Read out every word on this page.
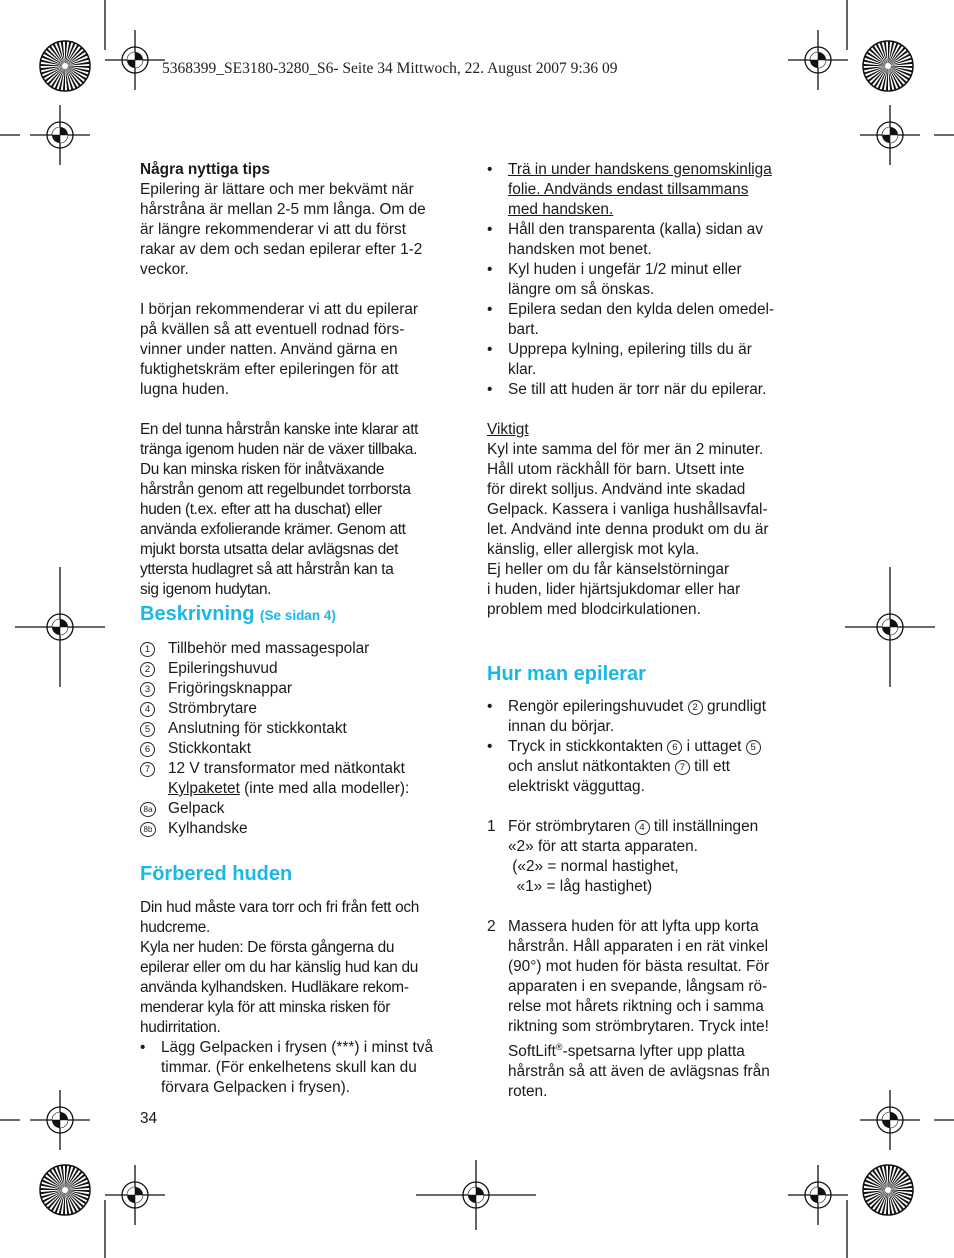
5368399_SE3180-3280_S6- Seite 34 Mittwoch, 22. August 2007 9:36 09

Några nyttiga tips

Epilering är lättare och mer bekvämt när

hårstråna är mellan 2-5 mm långa. Om de

är längre rekommenderar vi att du först

rakar av dem och sedan epilerar efter 1-2

veckor.

I början rekommenderar vi att du epilerar

på kvällen så att eventuell rodnad förs-

vinner under natten. Använd gärna en

fuktighetskräm efter epileringen för att

lugna huden.

En del tunna hårstrån kanske inte klarar att

tränga igenom huden när de växer tillbaka.

Du kan minska risken för inåtväxande

hårstrån genom att regelbundet torrborsta

huden (t.ex. efter att ha duschat) eller

använda exfolierande krämer. Genom att

mjukt borsta utsatta delar avlägsnas det

yttersta hudlagret så att hårstrån kan ta

sig igenom hudytan.

Beskrivning (Se sidan 4)

1	Tillbehör med massagespolar
2	Epileringshuvud
3	Frigöringsknappar
4	Strömbrytare
5	Anslutning för stickkontakt
6	Stickkontakt
7	12 V transformator med nätkontakt
Kylpaketet (inte med alla modeller):
8a	Gelpack
8b	Kylhandske

Förbered huden

Din hud måste vara torr och fri från fett och

hudcreme.

Kyla ner huden: De första gångerna du

epilerar eller om du har känslig hud kan du

använda kylhandsken. Hudläkare rekom-

menderar kyla för att minska risken för

hudirritation.

• Lägg Gelpacken i frysen (***) i minst två

timmar. (För enkelhetens skull kan du

förvara Gelpacken i frysen).

34

• Trä in under handskens genomskinliga

folie. Andvänds endast tillsammans

med handsken.

• Håll den transparenta (kalla) sidan av

handsken mot benet.

• Kyl huden i ungefär 1/2 minut eller

längre om så önskas.

• Epilera sedan den kylda delen omedel-

bart.

• Upprepa kylning, epilering tills du är

klar.

• Se till att huden är torr när du epilerar.

Viktigt

Kyl inte samma del för mer än 2 minuter.

Håll utom räckhåll för barn. Utsett inte

för direkt solljus. Andvänd inte skadad

Gelpack. Kassera i vanliga hushållsavfal-

let. Andvänd inte denna produkt om du är

känslig, eller allergisk mot kyla.

Ej heller om du får känselstörningar

i huden, lider hjärtsjukdomar eller har

problem med blodcirkulationen.

Hur man epilerar

• Rengör epileringshuvudet 2 grundligt

innan du börjar.

• Tryck in stickkontakten 6 i uttaget 5

och anslut nätkontakten 7 till ett

elektriskt vägguttag.

1 För strömbrytaren 4 till inställningen

«2» för att starta apparaten.

(«2» = normal hastighet,

«1» = låg hastighet)

2 Massera huden för att lyfta upp korta

hårstrån. Håll apparaten i en rät vinkel

(90°) mot huden för bästa resultat. För

apparaten i en svepande, långsam rö-

relse mot hårets riktning och i samma

riktning som strömbrytaren. Tryck inte!

SoftLift®-spetsarna lyfter upp platta

hårstrån så att även de avlägsnas från

roten.
